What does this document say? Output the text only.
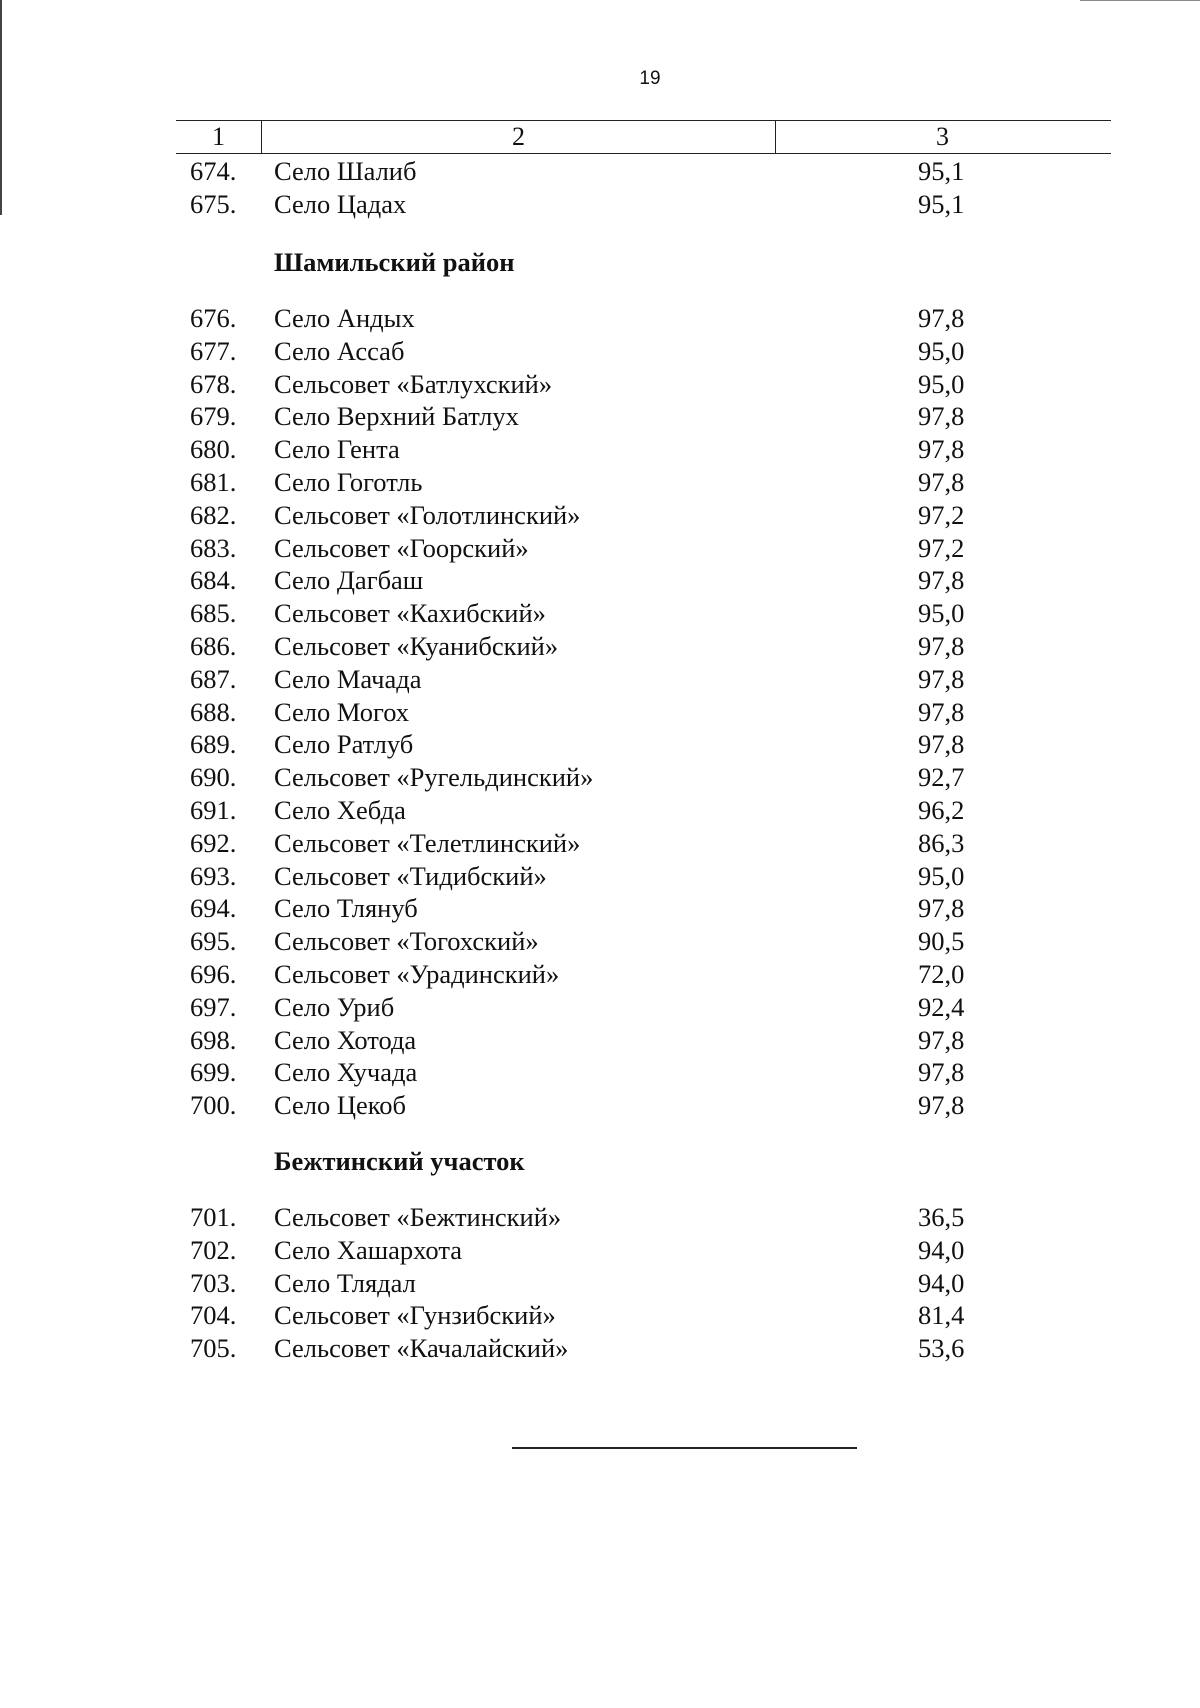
19
1	2	3
674.	Село Шалиб	95,1
675.	Село Цадах	95,1
Шамильский район
676.	Село Андых	97,8
677.	Село Ассаб	95,0
678.	Сельсовет «Батлухский»	95,0
679.	Село Верхний Батлух	97,8
680.	Село Гента	97,8
681.	Село Гоготль	97,8
682.	Сельсовет «Голотлинский»	97,2
683.	Сельсовет «Гоорский»	97,2
684.	Село Дагбаш	97,8
685.	Сельсовет «Кахибский»	95,0
686.	Сельсовет «Куанибский»	97,8
687.	Село Мачада	97,8
688.	Село Могох	97,8
689.	Село Ратлуб	97,8
690.	Сельсовет «Ругельдинский»	92,7
691.	Село Хебда	96,2
692.	Сельсовет «Телетлинский»	86,3
693.	Сельсовет «Тидибский»	95,0
694.	Село Тлянуб	97,8
695.	Сельсовет «Тогохский»	90,5
696.	Сельсовет «Урадинский»	72,0
697.	Село Уриб	92,4
698.	Село Хотода	97,8
699.	Село Хучада	97,8
700.	Село Цекоб	97,8
Бежтинский участок
701.	Сельсовет «Бежтинский»	36,5
702.	Село Хашархота	94,0
703.	Село Тлядал	94,0
704.	Сельсовет «Гунзибский»	81,4
705.	Сельсовет «Качалайский»	53,6
